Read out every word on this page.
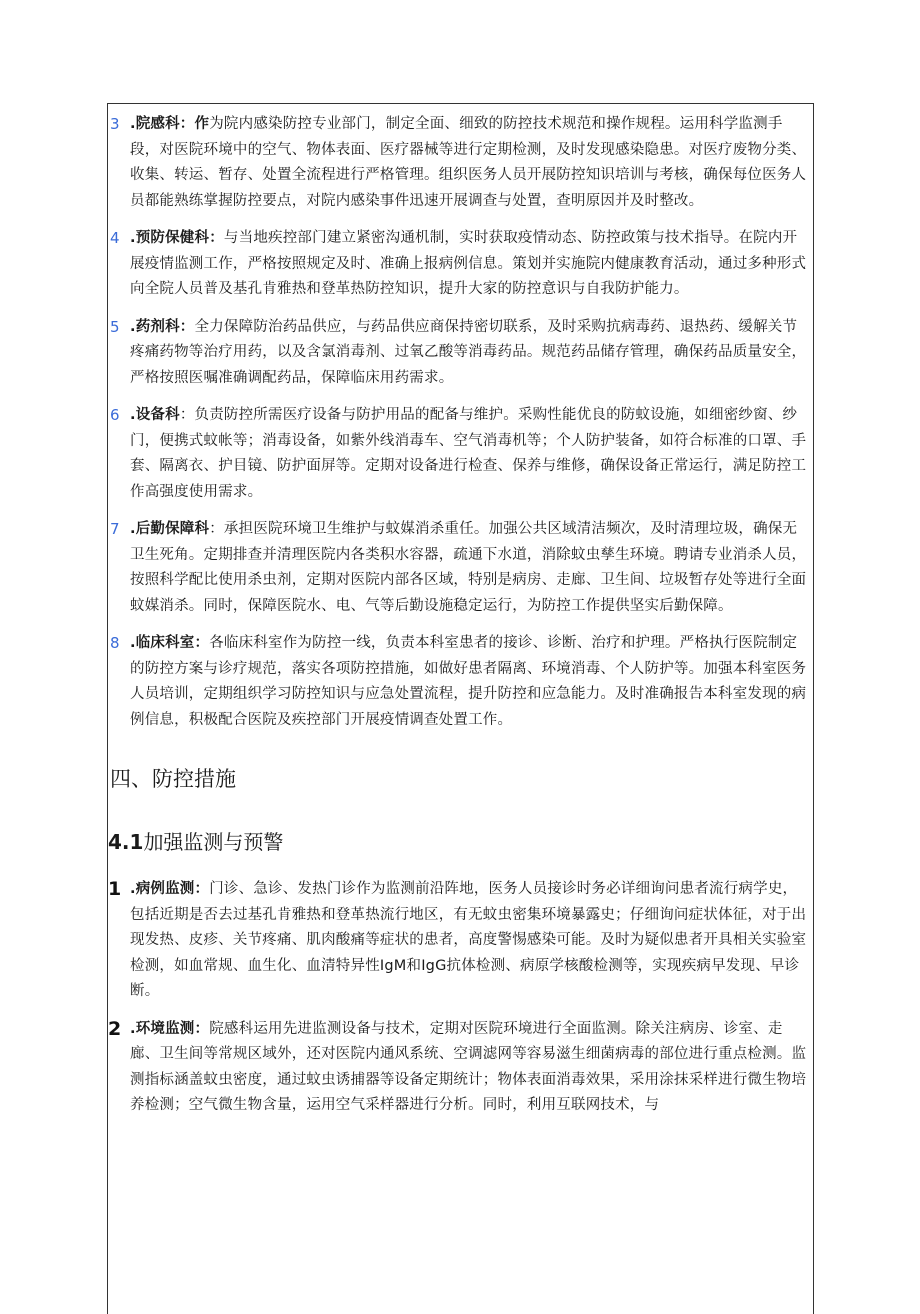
3 .院感科：作为院内感染防控专业部门，制定全面、细致的防控技术规范和操作规程。运用科学监测手段，对医院环境中的空气、物体表面、医疗器械等进行定期检测，及时发现感染隐患。对医疗废物分类、收集、转运、暂存、处置全流程进行严格管理。组织医务人员开展防控知识培训与考核，确保每位医务人员都能熟练掌握防控要点，对院内感染事件迅速开展调查与处置，查明原因并及时整改。
4 .预防保健科：与当地疾控部门建立紧密沟通机制，实时获取疫情动态、防控政策与技术指导。在院内开展疫情监测工作，严格按照规定及时、准确上报病例信息。策划并实施院内健康教育活动，通过多种形式向全院人员普及基孔肯雅热和登革热防控知识，提升大家的防控意识与自我防护能力。
5 .药剂科：全力保障防治药品供应，与药品供应商保持密切联系，及时采购抗病毒药、退热药、缓解关节疼痛药物等治疗用药，以及含氯消毒剂、过氧乙酸等消毒药品。规范药品储存管理，确保药品质量安全，严格按照医嘱准确调配药品，保障临床用药需求。
6 .设备科：负责防控所需医疗设备与防护用品的配备与维护。采购性能优良的防蚊设施，如细密纱窗、纱门，便携式蚊帐等；消毒设备，如紫外线消毒车、空气消毒机等；个人防护装备，如符合标准的口罩、手套、隔离衣、护目镜、防护面屏等。定期对设备进行检查、保养与维修，确保设备正常运行，满足防控工作高强度使用需求。
7 .后勤保障科：承担医院环境卫生维护与蚊媒消杀重任。加强公共区域清洁频次，及时清理垃圾，确保无卫生死角。定期排查并清理医院内各类积水容器，疏通下水道，消除蚊虫孳生环境。聘请专业消杀人员，按照科学配比使用杀虫剂，定期对医院内部各区域，特别是病房、走廊、卫生间、垃圾暂存处等进行全面蚊媒消杀。同时，保障医院水、电、气等后勤设施稳定运行，为防控工作提供坚实后勤保障。
8 .临床科室：各临床科室作为防控一线，负责本科室患者的接诊、诊断、治疗和护理。严格执行医院制定的防控方案与诊疗规范，落实各项防控措施，如做好患者隔离、环境消毒、个人防护等。加强本科室医务人员培训，定期组织学习防控知识与应急处置流程，提升防控和应急能力。及时准确报告本科室发现的病例信息，积极配合医院及疾控部门开展疫情调查处置工作。
四、防控措施
4.1加强监测与预警
1 .病例监测：门诊、急诊、发热门诊作为监测前沿阵地，医务人员接诊时务必详细询问患者流行病学史，包括近期是否去过基孔肯雅热和登革热流行地区，有无蚊虫密集环境暴露史；仔细询问症状体征，对于出现发热、皮疹、关节疼痛、肌肉酸痛等症状的患者，高度警惕感染可能。及时为疑似患者开具相关实验室检测，如血常规、血生化、血清特异性IgM和IgG抗体检测、病原学核酸检测等，实现疾病早发现、早诊断。
2 .环境监测：院感科运用先进监测设备与技术，定期对医院环境进行全面监测。除关注病房、诊室、走廊、卫生间等常规区域外，还对医院内通风系统、空调滤网等容易滋生细菌病毒的部位进行重点检测。监测指标涵盖蚊虫密度，通过蚊虫诱捕器等设备定期统计；物体表面消毒效果，采用涂抹采样进行微生物培养检测；空气微生物含量，运用空气采样器进行分析。同时，利用互联网技术，与
